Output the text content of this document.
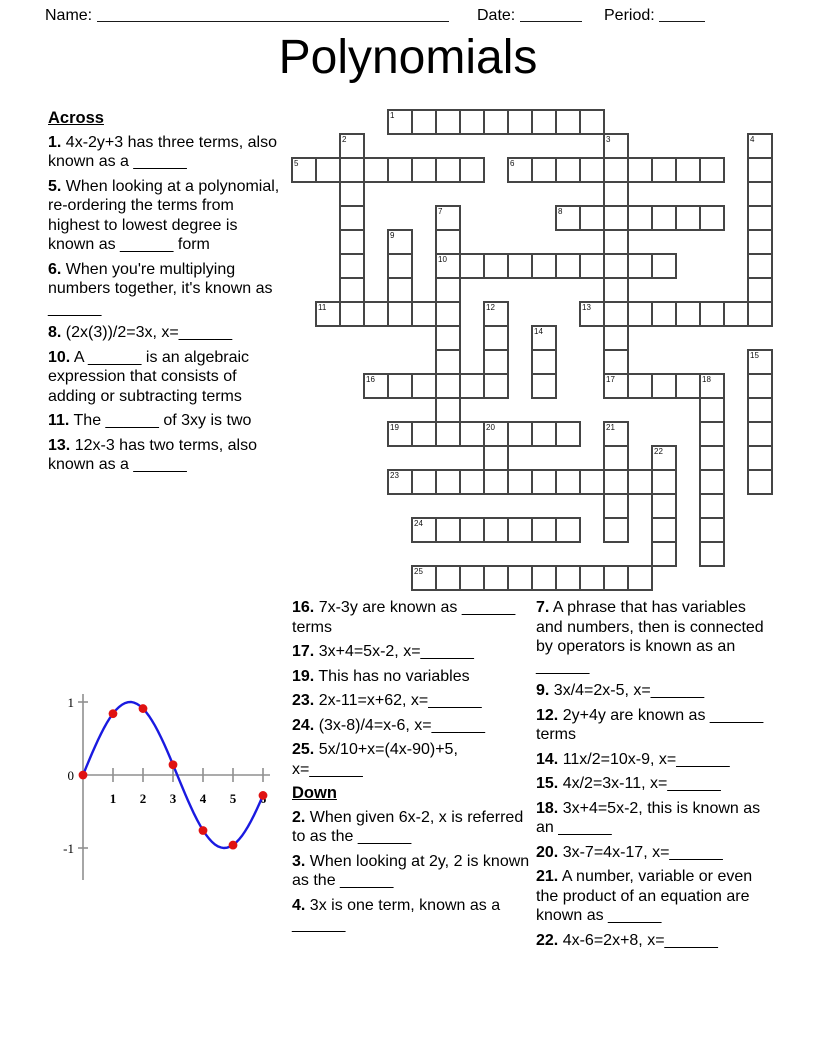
Name:	Date:	Period:
Polynomials
1
5	6
8
10
11	13
16	17	18
19	20
23
24
25
2	3	4
7
9
12
14
15
21
22
Across
1. 4x-2y+3 has three terms, also known as a ______
5. When looking at a polynomial, re-ordering the terms from highest to lowest degree is known as ______ form
6. When you're multiplying numbers together, it's known as ______
8. (2x(3))/2=3x, x=______
10. A ______ is an algebraic expression that consists of adding or subtracting terms
11. The ______ of 3xy is two
13. 12x-3 has two terms, also known as a ______
16. 7x-3y are known as ______ terms
17. 3x+4=5x-2, x=______
19. This has no variables
23. 2x-11=x+62, x=______
24. (3x-8)/4=x-6, x=______
25. 5x/10+x=(4x-90)+5, x=______
Down
2. When given 6x-2, x is referred to as the ______
3. When looking at 2y, 2 is known as the ______
4. 3x is one term, known as a ______
7. A phrase that has variables and numbers, then is connected by operators is known as an ______
9. 3x/4=2x-5, x=______
12. 2y+4y are known as ______ terms
14. 11x/2=10x-9, x=______
15. 4x/2=3x-11, x=______
18. 3x+4=5x-2, this is known as an ______
20. 3x-7=4x-17, x=______
21. A number, variable or even the product of an equation are known as ______
22. 4x-6=2x+8, x=______
1 2 3 4 5
1
0
-1
